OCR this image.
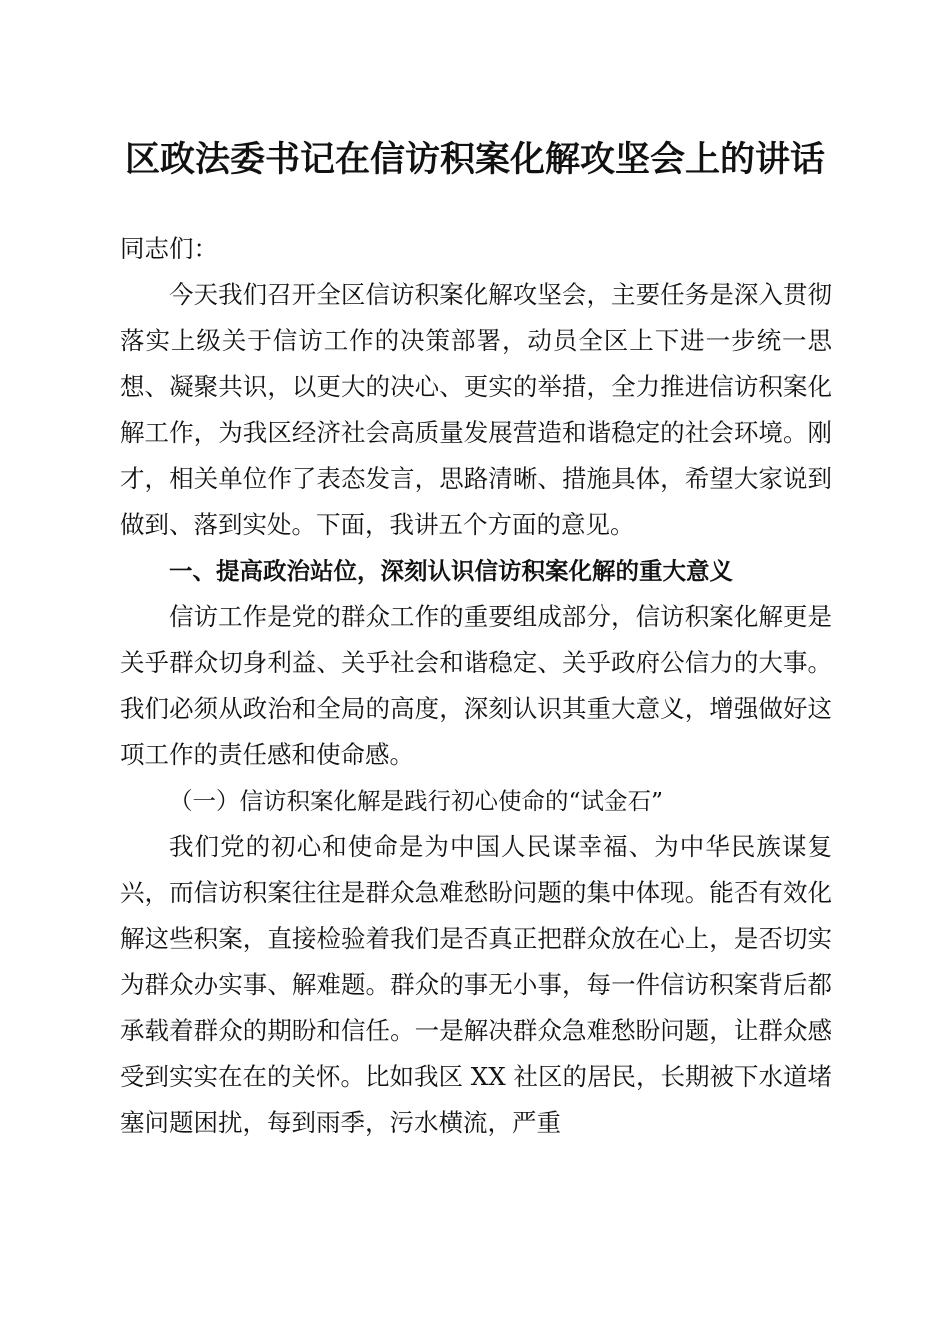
区政法委书记在信访积案化解攻坚会上的讲话

同志们：

今天我们召开全区信访积案化解攻坚会，主要任务是深入贯彻落实上级关于信访工作的决策部署，动员全区上下进一步统一思想、凝聚共识，以更大的决心、更实的举措，全力推进信访积案化解工作，为我区经济社会高质量发展营造和谐稳定的社会环境。刚才，相关单位作了表态发言，思路清晰、措施具体，希望大家说到做到、落到实处。下面，我讲五个方面的意见。

一、提高政治站位，深刻认识信访积案化解的重大意义

信访工作是党的群众工作的重要组成部分，信访积案化解更是关乎群众切身利益、关乎社会和谐稳定、关乎政府公信力的大事。我们必须从政治和全局的高度，深刻认识其重大意义，增强做好这项工作的责任感和使命感。

（一）信访积案化解是践行初心使命的“试金石”

我们党的初心和使命是为中国人民谋幸福、为中华民族谋复兴，而信访积案往往是群众急难愁盼问题的集中体现。能否有效化解这些积案，直接检验着我们是否真正把群众放在心上，是否切实为群众办实事、解难题。群众的事无小事，每一件信访积案背后都承载着群众的期盼和信任。一是解决群众急难愁盼问题，让群众感受到实实在在的关怀。比如我区 XX 社区的居民，长期被下水道堵塞问题困扰，每到雨季，污水横流，严重
